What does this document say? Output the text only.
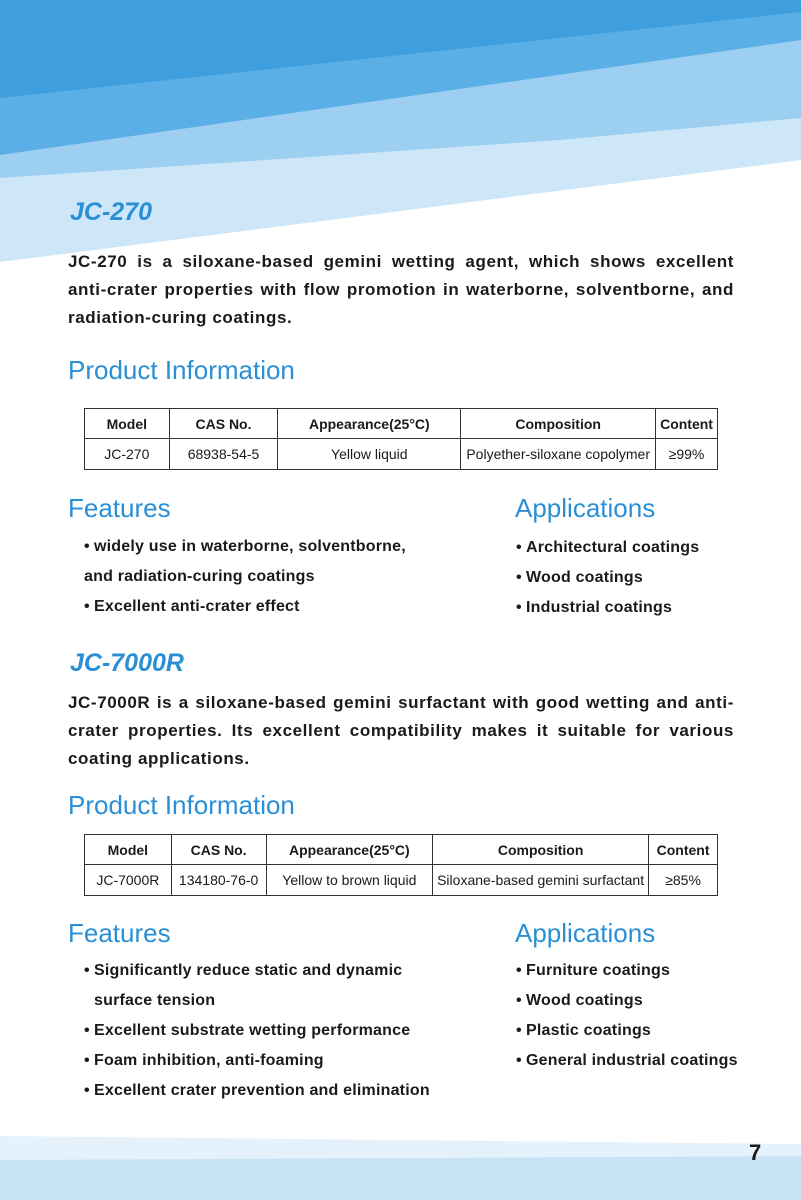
JC-270

JC-270 is a siloxane-based gemini wetting agent, which shows excellent anti-crater properties with flow promotion in waterborne, solventborne, and radiation-curing coatings.

Product Information
Model	CAS No.	Appearance(25°C)	Composition	Content
JC-270	68938-54-5	Yellow liquid	Polyether-siloxane copolymer	≥99%
Features
• widely use in waterborne, solventborne,
and radiation-curing coatings
• Excellent anti-crater effect
Applications
• Architectural coatings
• Wood coatings
• Industrial coatings
JC-7000R

JC-7000R is a siloxane-based gemini surfactant with good wetting and anti-crater properties. Its excellent compatibility makes it suitable for various coating applications.

Product Information
Model	CAS No.	Appearance(25°C)	Composition	Content
JC-7000R	134180-76-0	Yellow to brown liquid	Siloxane-based gemini surfactant	≥85%
Features
• Significantly reduce static and dynamic
surface tension
• Excellent substrate wetting performance
• Foam inhibition, anti-foaming
• Excellent crater prevention and elimination
Applications
• Furniture coatings
• Wood coatings
• Plastic coatings
• General industrial coatings
7
